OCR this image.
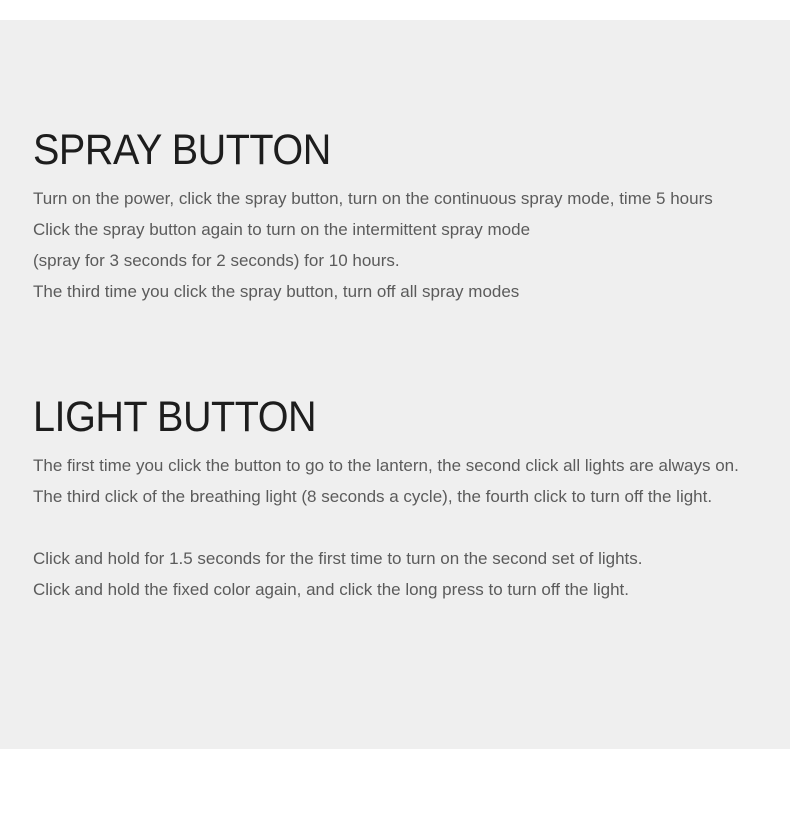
SPRAY BUTTON
Turn on the power, click the spray button, turn on the continuous spray mode, time 5 hours
Click the spray button again to turn on the intermittent spray mode
(spray for 3 seconds for 2 seconds) for 10 hours.
The third time you click the spray button, turn off all spray modes
LIGHT BUTTON
The first time you click the button to go to the lantern, the second click all lights are always on.
The third click of the breathing light (8 seconds a cycle), the fourth click to turn off the light.
Click and hold for 1.5 seconds for the first time to turn on the second set of lights.
Click and hold the fixed color again, and click the long press to turn off the light.
